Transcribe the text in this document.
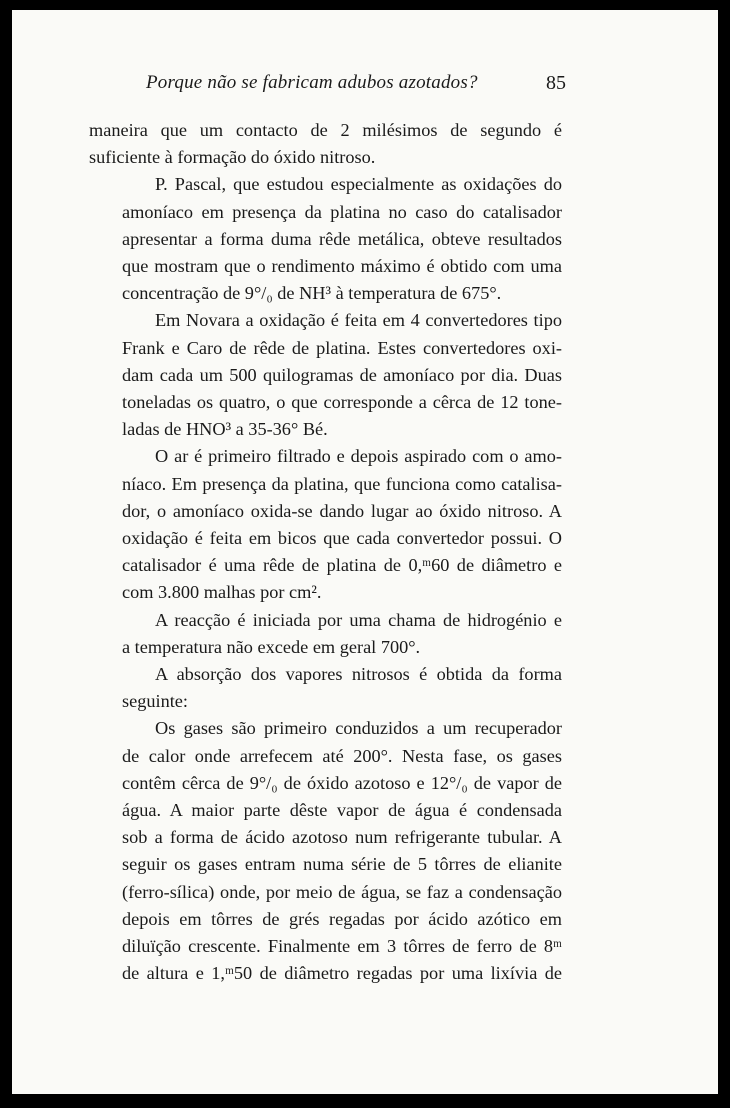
Porque não se fabricam adubos azotados?	85

maneira que um contacto de 2 milésimos de segundo é
suficiente à formação do óxido nitroso.

P. Pascal, que estudou especialmente as oxidações do
amoníaco em presença da platina no caso do catalisador
apresentar a forma duma rêde metálica, obteve resultados
que mostram que o rendimento máximo é obtido com uma
concentração de 9°/₀ de NH³ à temperatura de 675°.

Em Novara a oxidação é feita em 4 convertedores tipo
Frank e Caro de rêde de platina. Estes convertedores oxi-
dam cada um 500 quilogramas de amoníaco por dia. Duas
toneladas os quatro, o que corresponde a cêrca de 12 tone-
ladas de HNO³ a 35-36° Bé.

O ar é primeiro filtrado e depois aspirado com o amo-
níaco. Em presença da platina, que funciona como catalisa-
dor, o amoníaco oxida-se dando lugar ao óxido nitroso. A
oxidação é feita em bicos que cada convertedor possui. O
catalisador é uma rêde de platina de 0,ᵐ60 de diâmetro e
com 3.800 malhas por cm².

A reacção é iniciada por uma chama de hidrogénio e
a temperatura não excede em geral 700°.

A absorção dos vapores nitrosos é obtida da forma
seguinte:

Os gases são primeiro conduzidos a um recuperador
de calor onde arrefecem até 200°. Nesta fase, os gases
contêm cêrca de 9°/₀ de óxido azotoso e 12°/₀ de vapor de
água. A maior parte dêste vapor de água é condensada
sob a forma de ácido azotoso num refrigerante tubular. A
seguir os gases entram numa série de 5 tôrres de elianite
(ferro-sílica) onde, por meio de água, se faz a condensação
depois em tôrres de grés regadas por ácido azótico em
diluïção crescente. Finalmente em 3 tôrres de ferro de 8ᵐ
de altura e 1,ᵐ50 de diâmetro regadas por uma lixívia de
